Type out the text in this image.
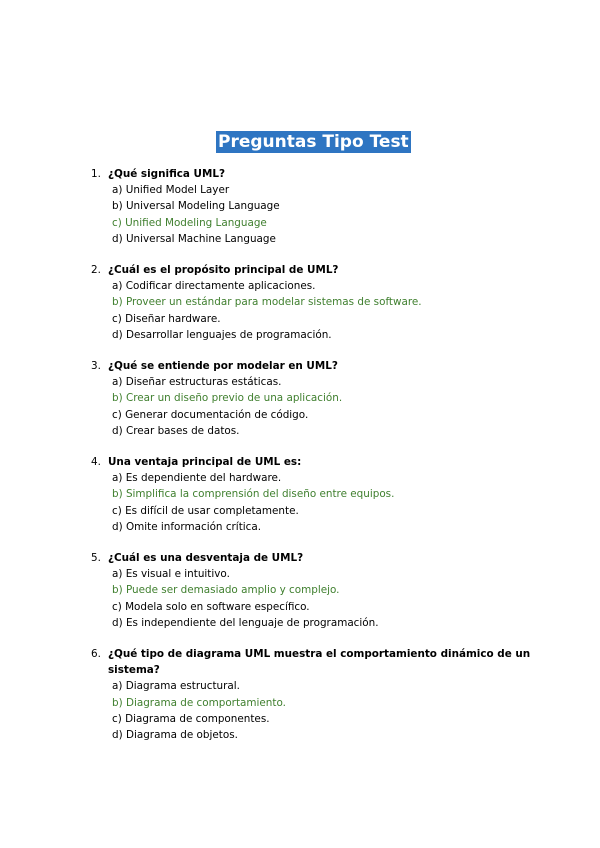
Preguntas Tipo Test
1. ¿Qué significa UML?
a) Unified Model Layer
b) Universal Modeling Language
c) Unified Modeling Language
d) Universal Machine Language
2. ¿Cuál es el propósito principal de UML?
a) Codificar directamente aplicaciones.
b) Proveer un estándar para modelar sistemas de software.
c) Diseñar hardware.
d) Desarrollar lenguajes de programación.
3. ¿Qué se entiende por modelar en UML?
a) Diseñar estructuras estáticas.
b) Crear un diseño previo de una aplicación.
c) Generar documentación de código.
d) Crear bases de datos.
4. Una ventaja principal de UML es:
a) Es dependiente del hardware.
b) Simplifica la comprensión del diseño entre equipos.
c) Es difícil de usar completamente.
d) Omite información crítica.
5. ¿Cuál es una desventaja de UML?
a) Es visual e intuitivo.
b) Puede ser demasiado amplio y complejo.
c) Modela solo en software específico.
d) Es independiente del lenguaje de programación.
6. ¿Qué tipo de diagrama UML muestra el comportamiento dinámico de un sistema?
a) Diagrama estructural.
b) Diagrama de comportamiento.
c) Diagrama de componentes.
d) Diagrama de objetos.
